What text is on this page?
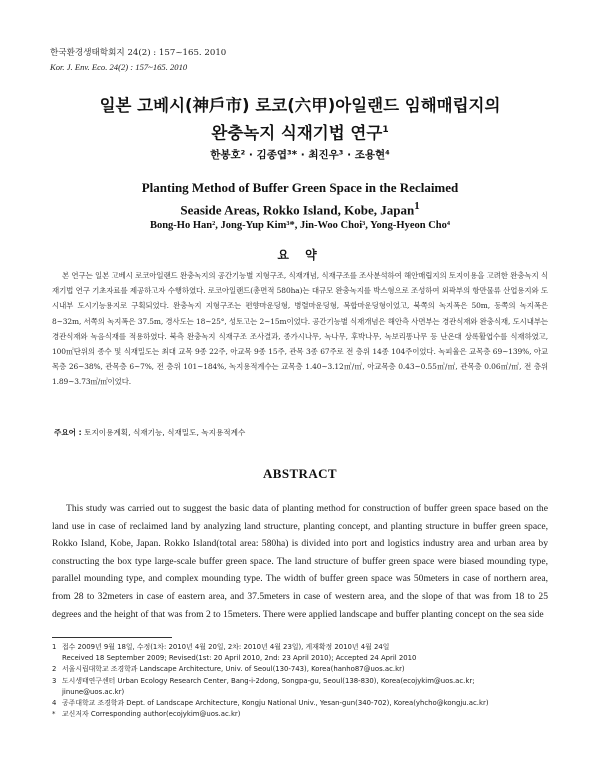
한국환경생태학회지 24(2) : 157~165. 2010
Kor. J. Env. Eco. 24(2) : 157~165. 2010
일본 고베시(神戶市) 로코(六甲)아일랜드 임해매립지의
완충녹지 식재기법 연구$^1$
한봉호² · 김종엽³* · 최진우³ · 조용현⁴
Planting Method of Buffer Green Space in the Reclaimed
Seaside Areas, Rokko Island, Kobe, Japan$^1$
Bong-Ho Han², Jong-Yup Kim³*, Jin-Woo Choi³, Yong-Hyeon Cho⁴
요 약

본 연구는 일본 고베시 로코아일랜드 완충녹지의 공간기능별 지형구조, 식재개념, 식재구조를 조사분석하여 해안매립지의 토지이용을 고려한 완충녹지 식재기법 연구 기초자료를 제공하고자 수행하였다. 로코아일랜드(총면적 580ha)는 대규모 완충녹지를 박스형으로 조성하여 외곽부의 항만물류 산업용지와 도시내부 도시기능용지로 구획되었다. 완충녹지 지형구조는 편향마운딩형, 병렬마운딩형, 복합마운딩형이었고, 북쪽의 녹지폭은 50m, 동쪽의 녹지폭은 8~32m, 서쪽의 녹지폭은 37.5m, 경사도는 18~25°, 성토고는 2~15m이었다. 공간기능별 식재개념은 해안측 사면부는 경관식재와 완충식재, 도시내부는 경관식재와 녹음식재를 적용하였다. 북측 완충녹지 식재구조 조사결과, 종가시나무, 녹나무, 후박나무, 녹보리똥나무 등 난온대 상록활엽수를 식재하였고, 100㎡단위의 종수 및 식재밀도는 최대 교목 9종 22주, 아교목 9종 15주, 관목 3종 67주로 전 층위 14종 104주이었다. 녹피율은 교목층 69~139%, 아교목층 26~38%, 관목층 6~7%, 전 층위 101~184%, 녹지용적계수는 교목층 1.40~3.12㎥/㎡, 아교목층 0.43~0.55㎥/㎡, 관목층 0.06㎥/㎡, 전 층위 1.89~3.73㎥/㎡이었다.

주요어 : 토지이용계획, 식재기능, 식재밀도, 녹지용적계수
ABSTRACT

This study was carried out to suggest the basic data of planting method for construction of buffer green space based on the land use in case of reclaimed land by analyzing land structure, planting concept, and planting structure in buffer green space, Rokko Island, Kobe, Japan. Rokko Island(total area: 580ha) is divided into port and logistics industry area and urban area by constructing the box type large-scale buffer green space. The land structure of buffer green space were biased mounding type, parallel mounding type, and complex mounding type. The width of buffer green space was 50meters in case of northern area, from 28 to 32meters in case of eastern area, and 37.5meters in case of western area, and the slope of that was from 18 to 25 degrees and the height of that was from 2 to 15meters. There were applied landscape and buffer planting concept on the sea side

1 접수 2009년 9월 18일, 수정(1차: 2010년 4월 20일, 2차: 2010년 4월 23일), 게재확정 2010년 4월 24일
Received 18 September 2009; Revised(1st: 20 April 2010, 2nd: 23 April 2010); Accepted 24 April 2010
2 서울시립대학교 조경학과 Landscape Architecture, Univ. of Seoul(130-743), Korea(hanho87@uos.ac.kr)
3 도시생태연구센터 Urban Ecology Research Center, Bang-i-2dong, Songpa-gu, Seoul(138-830), Korea(ecojykim@uos.ac.kr;
jinune@uos.ac.kr)
4 공주대학교 조경학과 Dept. of Landscape Architecture, Kongju National Univ., Yesan-gun(340-702), Korea(yhcho@kongju.ac.kr)
* 교신저자 Corresponding author(ecojykim@uos.ac.kr)
